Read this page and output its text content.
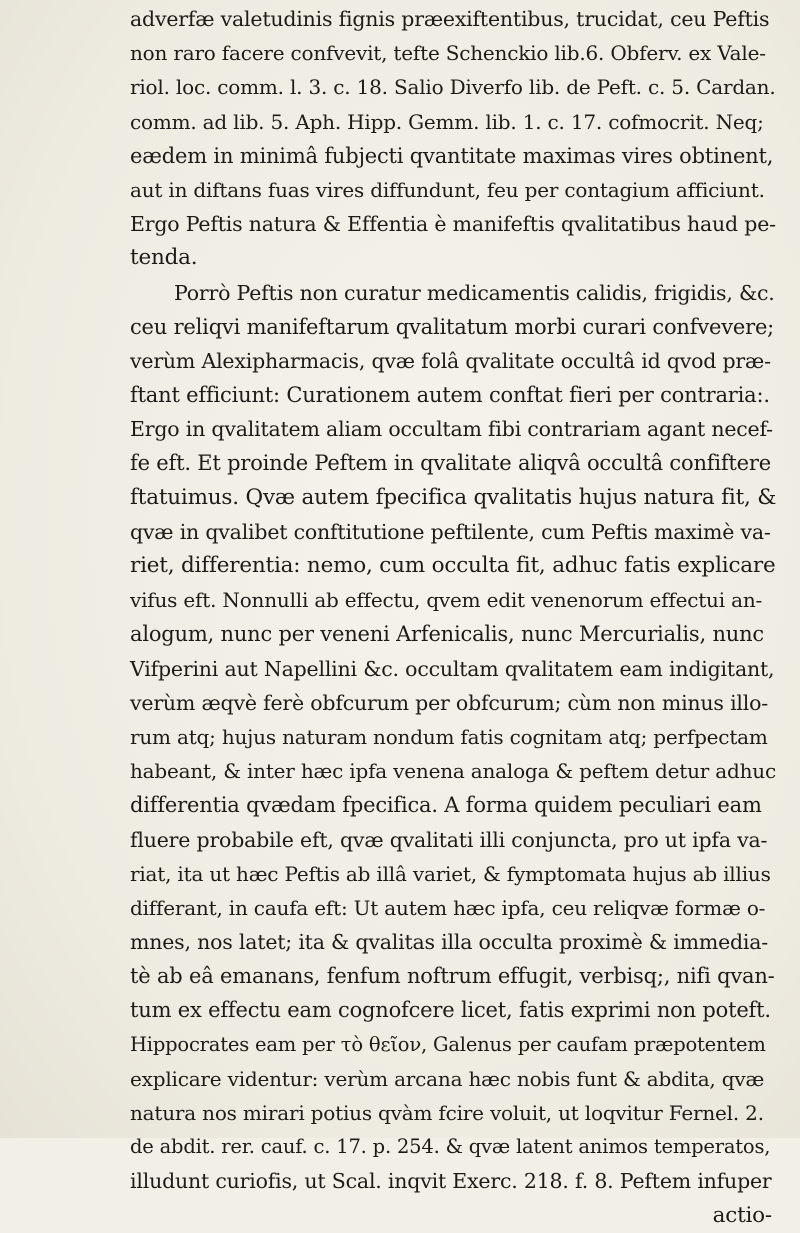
adverfæ valetudinis fignis præexiftentibus, trucidat, ceu Peftis
non raro facere confvevit, tefte Schenckio lib.6. Obferv. ex Vale-
riol. loc. comm. l. 3. c. 18. Salio Diverfo lib. de Peft. c. 5. Cardan.
comm. ad lib. 5. Aph. Hipp. Gemm. lib. 1. c. 17. cofmocrit. Neq;
eædem in minimâ fubjecti qvantitate maximas vires obtinent,
aut in diftans fuas vires diffundunt, feu per contagium afficiunt.
Ergo Peftis natura & Effentia è manifeftis qvalitatibus haud pe-
tenda.
Porrò Peftis non curatur medicamentis calidis, frigidis, &c.
ceu reliqvi manifeftarum qvalitatum morbi curari confvevere;
verùm Alexipharmacis, qvæ folâ qvalitate occultâ id qvod præ-
ftant efficiunt: Curationem autem conftat fieri per contraria:.
Ergo in qvalitatem aliam occultam fibi contrariam agant necef-
fe eft. Et proinde Peftem in qvalitate aliqvâ occultâ confiftere
ftatuimus. Qvæ autem fpecifica qvalitatis hujus natura fit, &
qvæ in qvalibet conftitutione peftilente, cum Peftis maximè va-
riet, differentia: nemo, cum occulta fit, adhuc fatis explicare
vifus eft. Nonnulli ab effectu, qvem edit venenorum effectui an-
alogum, nunc per veneni Arfenicalis, nunc Mercurialis, nunc
Vifperini aut Napellini &c. occultam qvalitatem eam indigitant,
verùm æqvè ferè obfcurum per obfcurum; cùm non minus illo-
rum atq; hujus naturam nondum fatis cognitam atq; perfpectam
habeant, & inter hæc ipfa venena analoga & peftem detur adhuc
differentia qvædam fpecifica. A forma quidem peculiari eam
fluere probabile eft, qvæ qvalitati illi conjuncta, pro ut ipfa va-
riat, ita ut hæc Peftis ab illâ variet, & fymptomata hujus ab illius
differant, in caufa eft: Ut autem hæc ipfa, ceu reliqvæ formæ o-
mnes, nos latet; ita & qvalitas illa occulta proximè & immedia-
tè ab eâ emanans, fenfum noftrum effugit, verbisq;, nifi qvan-
tum ex effectu eam cognofcere licet, fatis exprimi non poteft.
Hippocrates eam per τὸ θεῖον, Galenus per caufam præpotentem
explicare videntur: verùm arcana hæc nobis funt & abdita, qvæ
natura nos mirari potius qvàm fcire voluit, ut loqvitur Fernel. 2.
de abdit. rer. cauf. c. 17. p. 254. & qvæ latent animos temperatos,
illudunt curiofis, ut Scal. inqvit Exerc. 218. f. 8. Peftem infuper
actio-
